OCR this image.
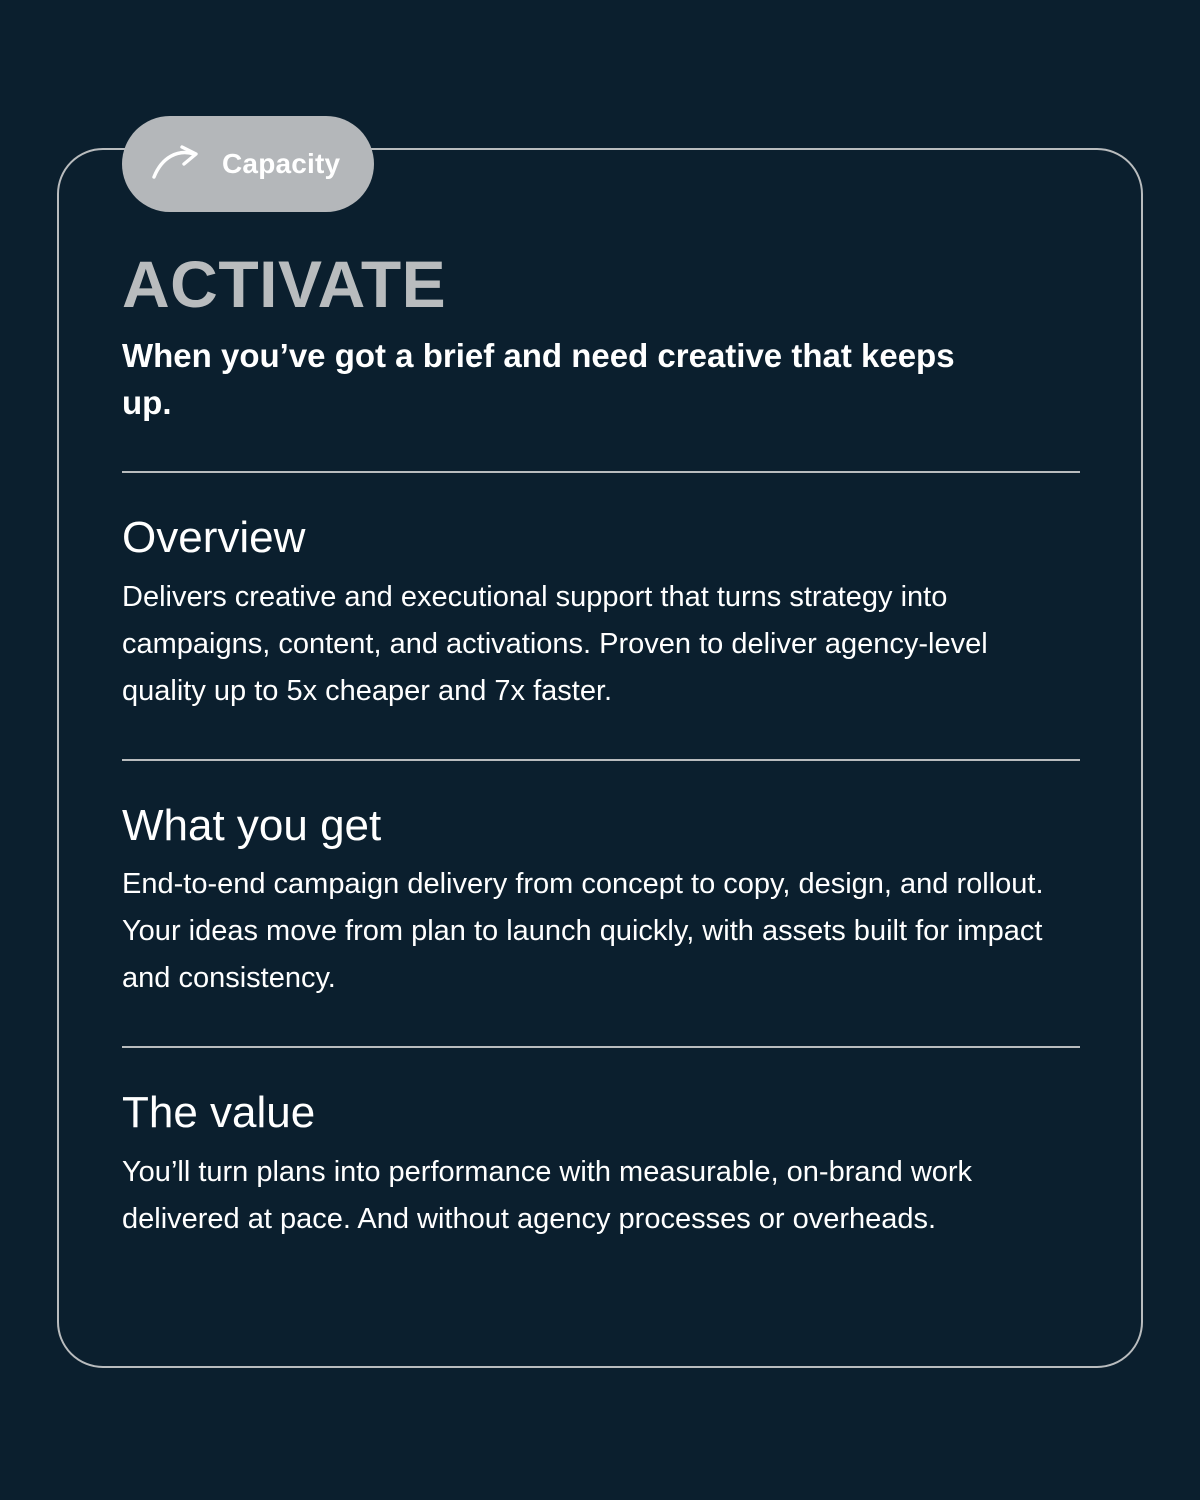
Capacity
ACTIVATE

When you’ve got a brief and need creative that keeps up.

Overview

Delivers creative and executional support that turns strategy into campaigns, content, and activations. Proven to deliver agency-level quality up to 5x cheaper and 7x faster.

What you get

End-to-end campaign delivery from concept to copy, design, and rollout. Your ideas move from plan to launch quickly, with assets built for impact and consistency.

The value

You’ll turn plans into performance with measurable, on-brand work delivered at pace. And without agency processes or overheads.
